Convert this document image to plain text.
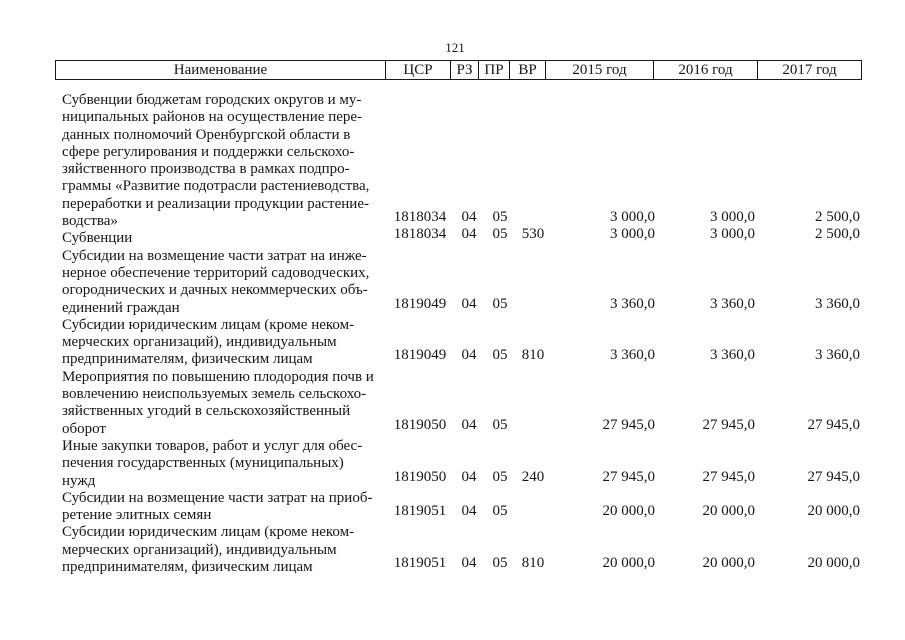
121
Наименование	ЦСР	РЗ ПР ВР	2015 год	2016 год	2017 год
Субвенции бюджетам городских округов и му-
ниципальных районов на осуществление пере-
данных полномочий Оренбургской области в
сфере регулирования и поддержки сельскохо-
зяйственного производства в рамках подпро-
граммы «Развитие подотрасли растениеводства,
переработки и реализации продукции растение-
водства»	1818034	04	05	3 000,0	3 000,0	2 500,0
Субвенции	1818034	04	05 530	3 000,0	3 000,0	2 500,0
Субсидии на возмещение части затрат на инже-
нерное обеспечение территорий садоводческих,
огороднических и дачных некоммерческих объ-
единений граждан	1819049	04	05	3 360,0	3 360,0	3 360,0
Субсидии юридическим лицам (кроме неком-
мерческих организаций), индивидуальным
предпринимателям, физическим лицам	1819049	04	05 810	3 360,0	3 360,0	3 360,0
Мероприятия по повышению плодородия почв и
вовлечению неиспользуемых земель сельскохо-
зяйственных угодий в сельскохозяйственный
оборот	1819050	04	05	27 945,0	27 945,0	27 945,0
Иные закупки товаров, работ и услуг для обес-
печения государственных (муниципальных)
нужд	1819050	04	05 240	27 945,0	27 945,0	27 945,0
Субсидии на возмещение части затрат на приоб-
ретение элитных семян	1819051	04	05	20 000,0	20 000,0	20 000,0
Субсидии юридическим лицам (кроме неком-
мерческих организаций), индивидуальным
предпринимателям, физическим лицам	1819051	04	05 810	20 000,0	20 000,0	20 000,0
